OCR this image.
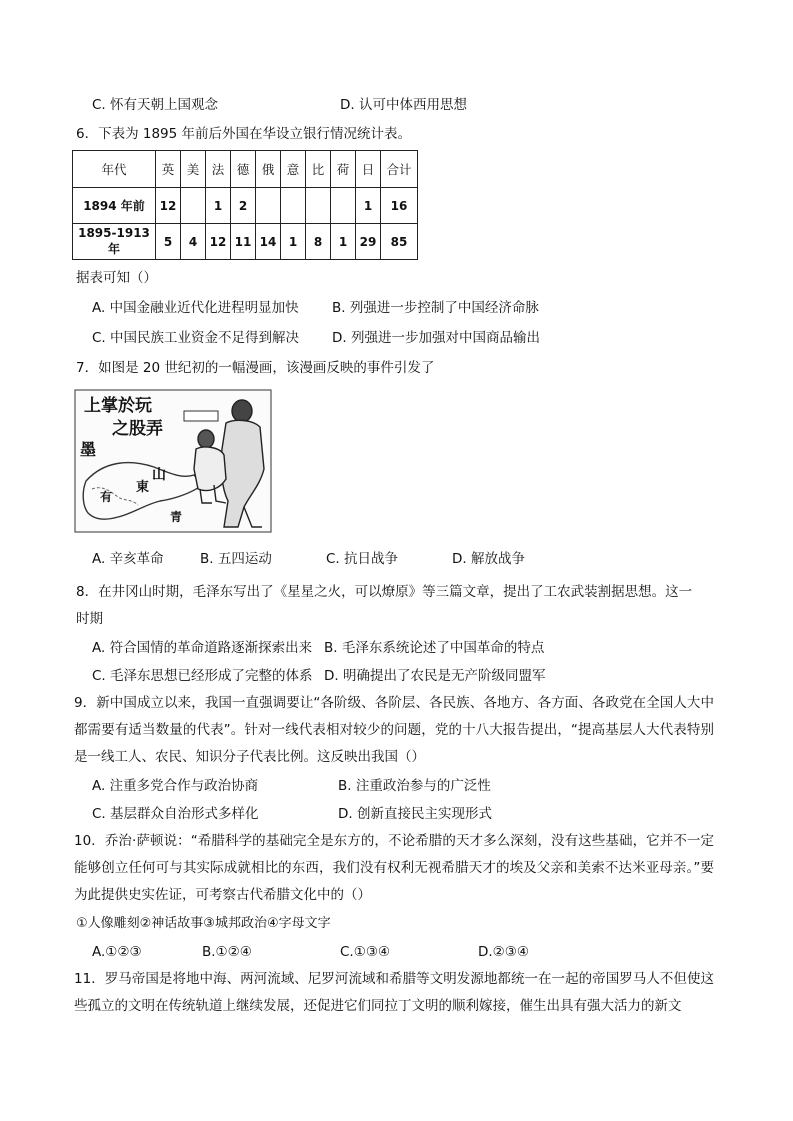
C. 怀有天朝上国观念	D. 认可中体西用思想
6．下表为 1895 年前后外国在华设立银行情况统计表。
年代	英	美	法	德	俄	意	比	荷	日	合计
1894 年前	12		1	2					1	16
1895-1913 年	5	4	12	11	14	1	8	1	29	85
据表可知（）
A. 中国金融业近代化进程明显加快 B. 列强进一步控制了中国经济命脉
C. 中国民族工业资金不足得到解决 D. 列强进一步加强对中国商品输出
7．如图是 20 世纪初的一幅漫画，该漫画反映的事件引发了
上掌於玩
之股弄
墨
山
東
有
青
A. 辛亥革命	B. 五四运动	C. 抗日战争	D. 解放战争
8．在井冈山时期，毛泽东写出了《星星之火，可以燎原》等三篇文章，提出了工农武装割据思想。这一
时期
A. 符合国情的革命道路逐渐探索出来 B. 毛泽东系统论述了中国革命的特点
C. 毛泽东思想已经形成了完整的体系 D. 明确提出了农民是无产阶级同盟军
9．新中国成立以来，我国一直强调要让“各阶级、各阶层、各民族、各地方、各方面、各政党在全国人大中都需要有适当数量的代表”。针对一线代表相对较少的问题，党的十八大报告提出，“提高基层人大代表特别是一线工人、农民、知识分子代表比例。这反映出我国（）
A. 注重多党合作与政治协商	B. 注重政治参与的广泛性
C. 基层群众自治形式多样化	D. 创新直接民主实现形式
10．乔治·萨顿说：“希腊科学的基础完全是东方的，不论希腊的天才多么深刻，没有这些基础，它并不一定能够创立任何可与其实际成就相比的东西，我们没有权利无视希腊天才的埃及父亲和美索不达米亚母亲。”要为此提供史实佐证，可考察古代希腊文化中的（）
①人像雕刻②神话故事③城邦政治④字母文字
A.①②③	B.①②④	C.①③④	D.②③④
11．罗马帝国是将地中海、两河流域、尼罗河流域和希腊等文明发源地都统一在一起的帝国罗马人不但使这些孤立的文明在传统轨道上继续发展，还促进它们同拉丁文明的顺利嫁接，催生出具有强大活力的新文
